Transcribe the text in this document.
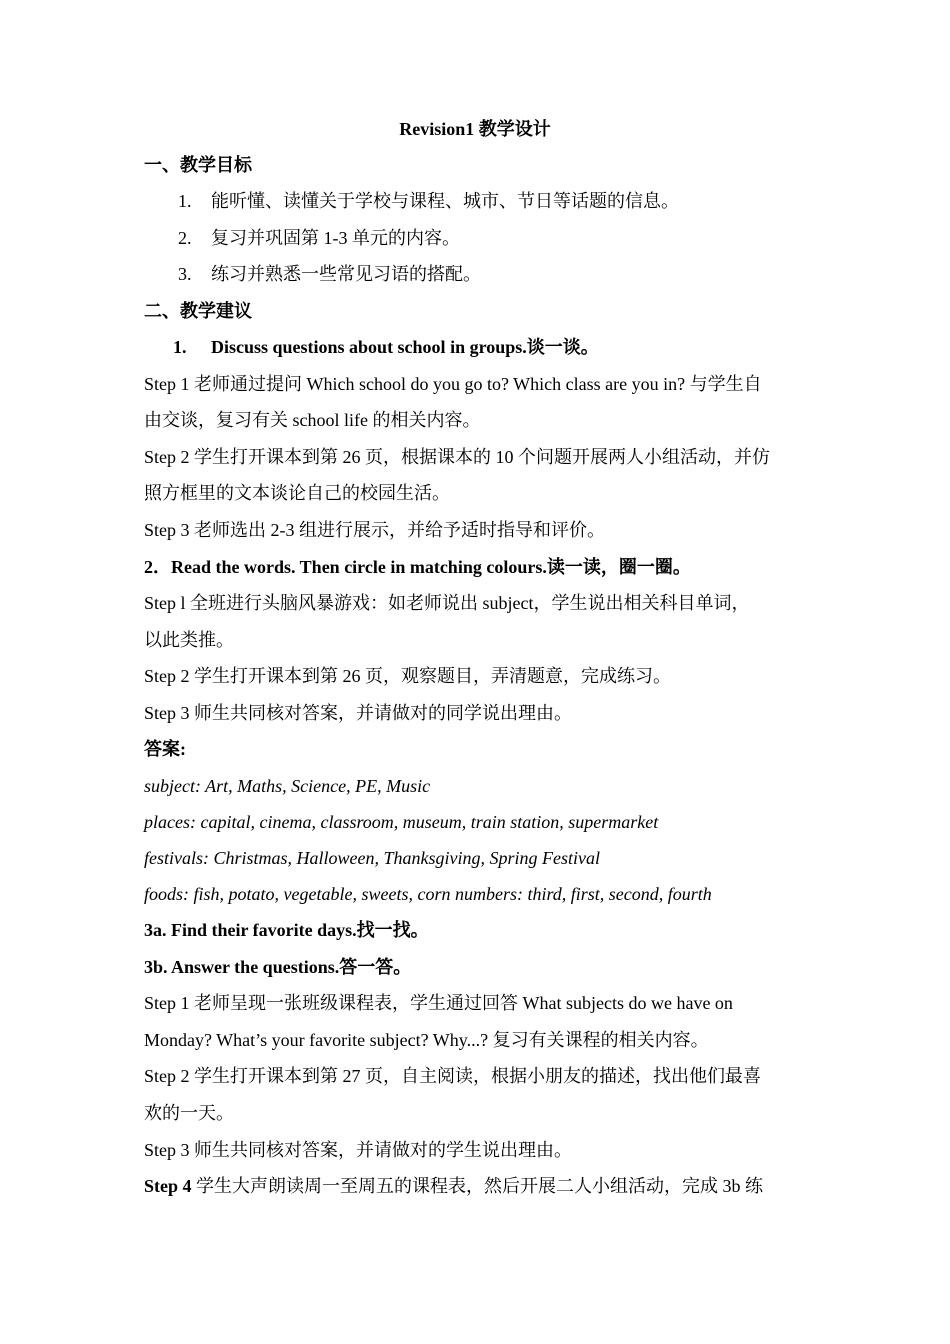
Revision1 教学设计
一、教学目标
1. 能听懂、读懂关于学校与课程、城市、节日等话题的信息。
2. 复习并巩固第 1-3 单元的内容。
3. 练习并熟悉一些常见习语的搭配。
二、教学建议
1. Discuss questions about school in groups.谈一谈。
Step 1 老师通过提问 Which school do you go to? Which class are you in? 与学生自
由交谈，复习有关 school life 的相关内容。
Step 2 学生打开课本到第 26 页，根据课本的 10 个问题开展两人小组活动，并仿
照方框里的文本谈论自己的校园生活。
Step 3 老师选出 2-3 组进行展示，并给予适时指导和评价。
2．Read the words. Then circle in matching colours.读一读，圈一圈。
Step l 全班进行头脑风暴游戏：如老师说出 subject，学生说出相关科目单词，
以此类推。
Step 2 学生打开课本到第 26 页，观察题目，弄清题意，完成练习。
Step 3 师生共同核对答案，并请做对的同学说出理由。
答案:
subject: Art, Maths, Science, PE, Music
places: capital, cinema, classroom, museum, train station, supermarket
festivals: Christmas, Halloween, Thanksgiving, Spring Festival
foods: fish, potato, vegetable, sweets, corn numbers: third, first, second, fourth
3a. Find their favorite days.找一找。
3b. Answer the questions.答一答。
Step 1 老师呈现一张班级课程表，学生通过回答 What subjects do we have on
Monday? What’s your favorite subject? Why...? 复习有关课程的相关内容。
Step 2 学生打开课本到第 27 页，自主阅读，根据小朋友的描述，找出他们最喜
欢的一天。
Step 3 师生共同核对答案，并请做对的学生说出理由。
Step 4 学生大声朗读周一至周五的课程表，然后开展二人小组活动，完成 3b 练
